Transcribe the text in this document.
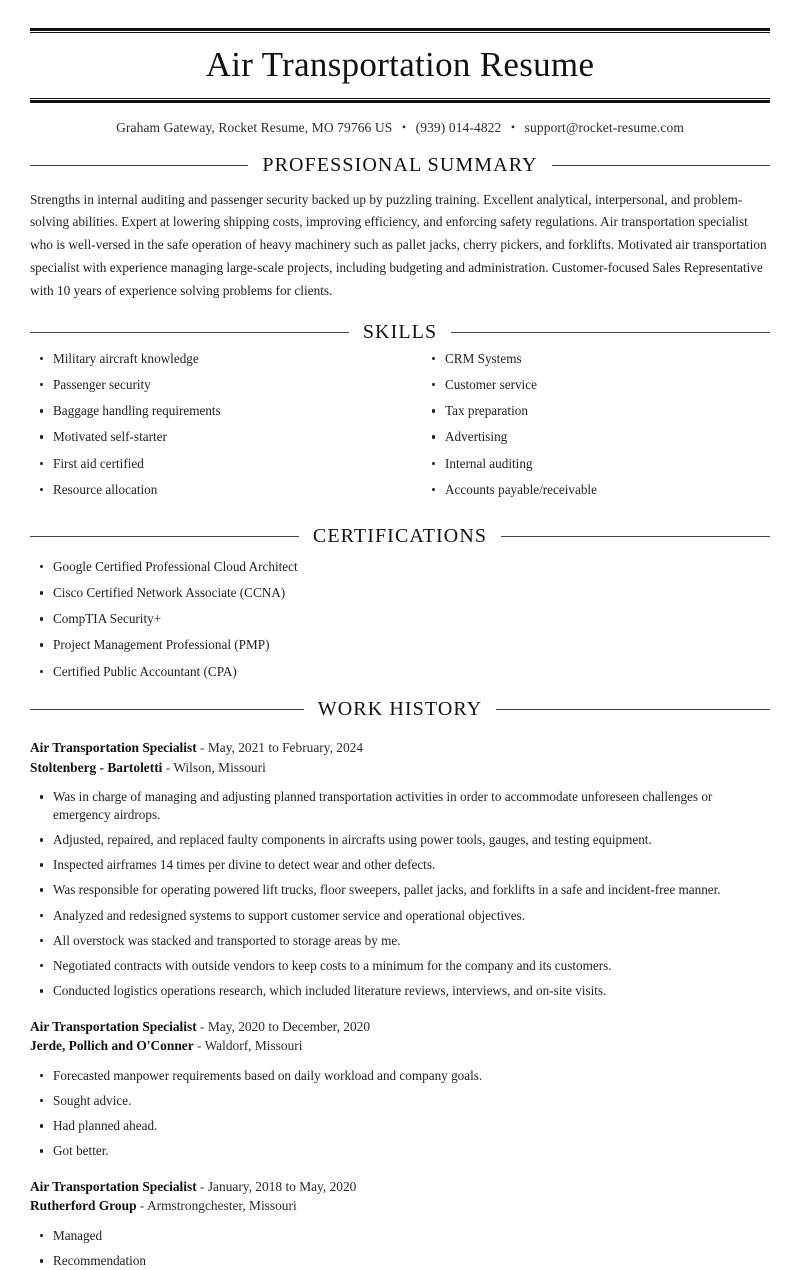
Air Transportation Resume
Graham Gateway, Rocket Resume, MO 79766 US • (939) 014-4822 • support@rocket-resume.com
PROFESSIONAL SUMMARY

Strengths in internal auditing and passenger security backed up by puzzling training. Excellent analytical, interpersonal, and problem-solving abilities. Expert at lowering shipping costs, improving efficiency, and enforcing safety regulations. Air transportation specialist who is well-versed in the safe operation of heavy machinery such as pallet jacks, cherry pickers, and forklifts. Motivated air transportation specialist with experience managing large-scale projects, including budgeting and administration. Customer-focused Sales Representative with 10 years of experience solving problems for clients.

SKILLS
Military aircraft knowledge
Passenger security
Baggage handling requirements
Motivated self-starter
First aid certified
Resource allocation
CRM Systems
Customer service
Tax preparation
Advertising
Internal auditing
Accounts payable/receivable
CERTIFICATIONS
Google Certified Professional Cloud Architect
Cisco Certified Network Associate (CCNA)
CompTIA Security+
Project Management Professional (PMP)
Certified Public Accountant (CPA)
WORK HISTORY
Air Transportation Specialist - May, 2021 to February, 2024
Stoltenberg - Bartoletti - Wilson, Missouri
Was in charge of managing and adjusting planned transportation activities in order to accommodate unforeseen challenges or emergency airdrops.
Adjusted, repaired, and replaced faulty components in aircrafts using power tools, gauges, and testing equipment.
Inspected airframes 14 times per divine to detect wear and other defects.
Was responsible for operating powered lift trucks, floor sweepers, pallet jacks, and forklifts in a safe and incident-free manner.
Analyzed and redesigned systems to support customer service and operational objectives.
All overstock was stacked and transported to storage areas by me.
Negotiated contracts with outside vendors to keep costs to a minimum for the company and its customers.
Conducted logistics operations research, which included literature reviews, interviews, and on-site visits.
Air Transportation Specialist - May, 2020 to December, 2020
Jerde, Pollich and O'Conner - Waldorf, Missouri
Forecasted manpower requirements based on daily workload and company goals.
Sought advice.
Had planned ahead.
Got better.
Air Transportation Specialist - January, 2018 to May, 2020
Rutherford Group - Armstrongchester, Missouri
Managed
Recommendation
